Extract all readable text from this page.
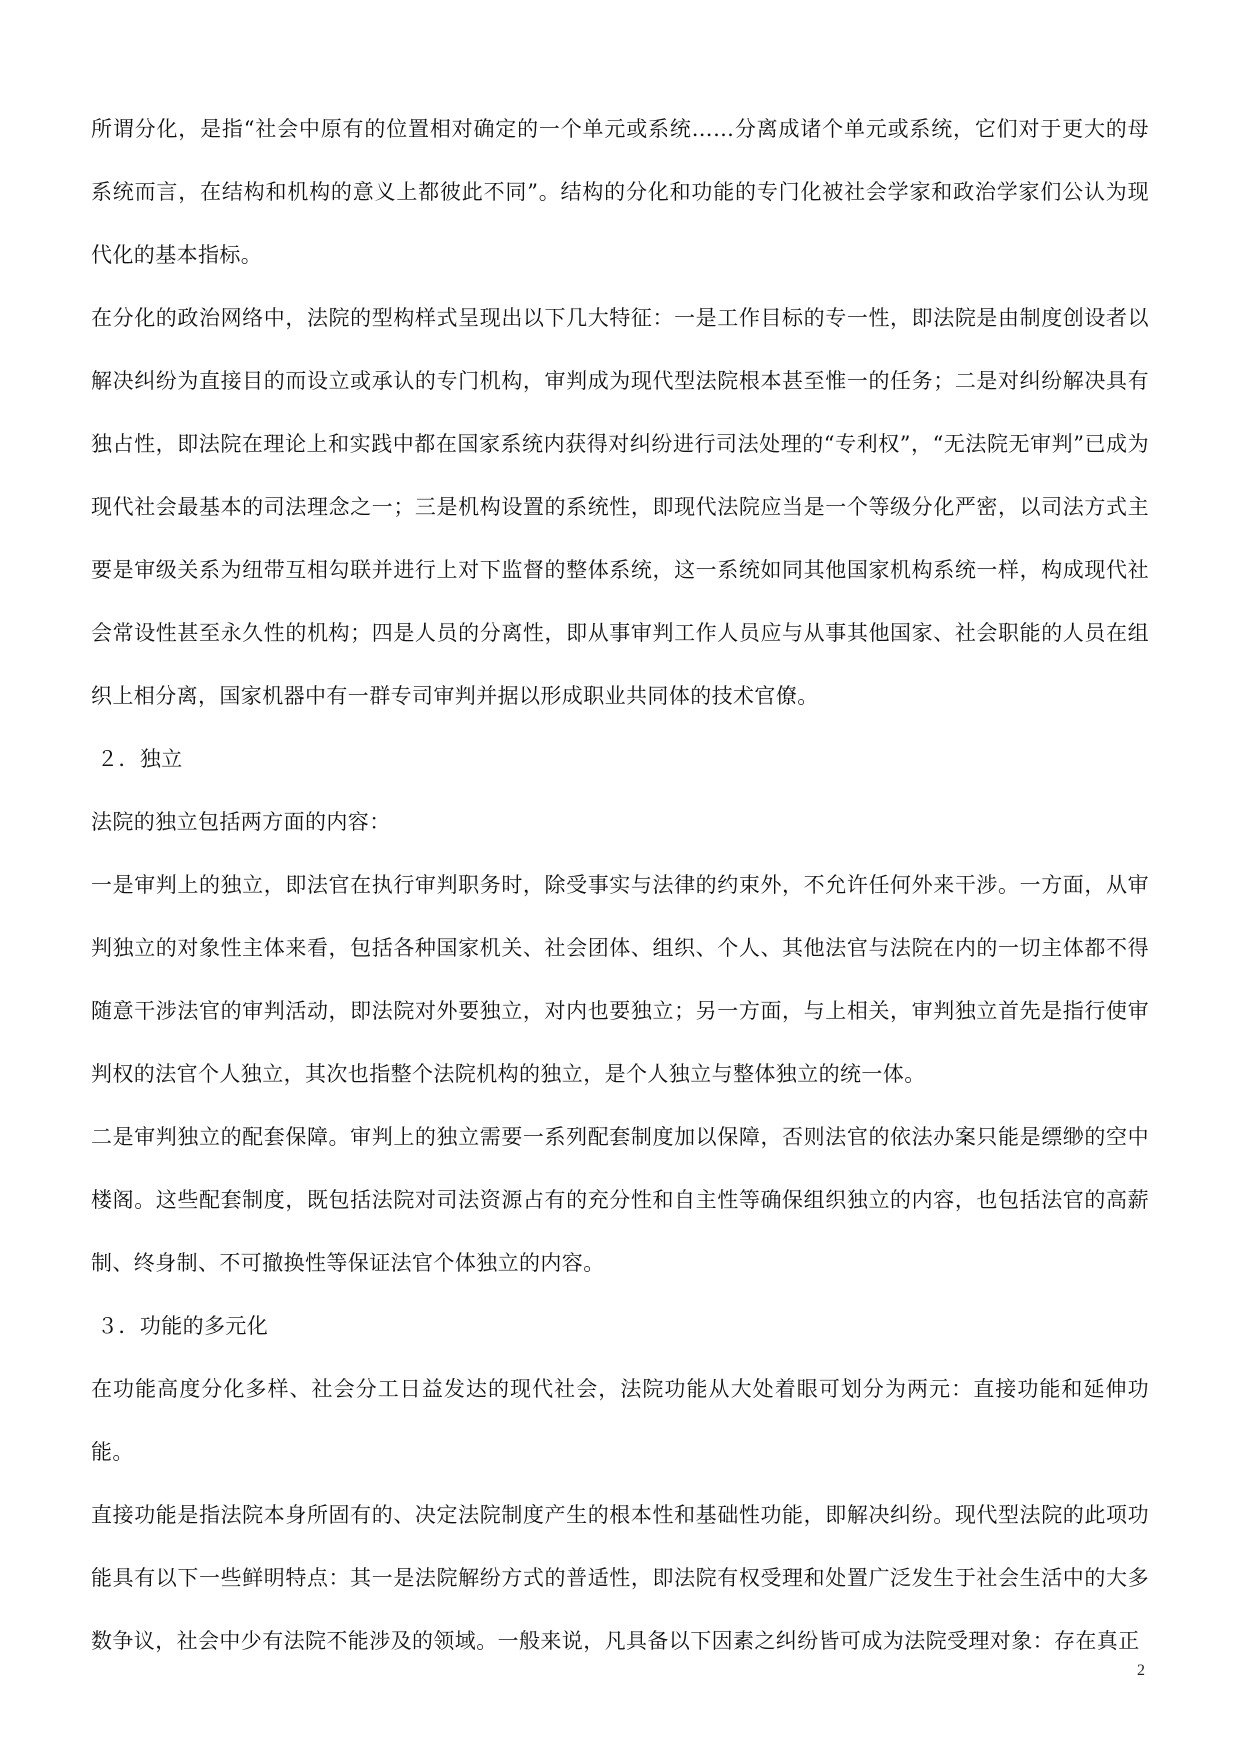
所谓分化，是指“社会中原有的位置相对确定的一个单元或系统……分离成诸个单元或系统，它们对于更大的母系统而言，在结构和机构的意义上都彼此不同”。结构的分化和功能的专门化被社会学家和政治学家们公认为现代化的基本指标。

在分化的政治网络中，法院的型构样式呈现出以下几大特征：一是工作目标的专一性，即法院是由制度创设者以解决纠纷为直接目的而设立或承认的专门机构，审判成为现代型法院根本甚至惟一的任务；二是对纠纷解决具有独占性，即法院在理论上和实践中都在国家系统内获得对纠纷进行司法处理的“专利权”，“无法院无审判”已成为现代社会最基本的司法理念之一；三是机构设置的系统性，即现代法院应当是一个等级分化严密，以司法方式主要是审级关系为纽带互相勾联并进行上对下监督的整体系统，这一系统如同其他国家机构系统一样，构成现代社会常设性甚至永久性的机构；四是人员的分离性，即从事审判工作人员应与从事其他国家、社会职能的人员在组织上相分离，国家机器中有一群专司审判并据以形成职业共同体的技术官僚。

２．独立

法院的独立包括两方面的内容：

一是审判上的独立，即法官在执行审判职务时，除受事实与法律的约束外，不允许任何外来干涉。一方面，从审判独立的对象性主体来看，包括各种国家机关、社会团体、组织、个人、其他法官与法院在内的一切主体都不得随意干涉法官的审判活动，即法院对外要独立，对内也要独立；另一方面，与上相关，审判独立首先是指行使审判权的法官个人独立，其次也指整个法院机构的独立，是个人独立与整体独立的统一体。

二是审判独立的配套保障。审判上的独立需要一系列配套制度加以保障，否则法官的依法办案只能是缥缈的空中楼阁。这些配套制度，既包括法院对司法资源占有的充分性和自主性等确保组织独立的内容，也包括法官的高薪制、终身制、不可撤换性等保证法官个体独立的内容。

３．功能的多元化

在功能高度分化多样、社会分工日益发达的现代社会，法院功能从大处着眼可划分为两元：直接功能和延伸功能。

直接功能是指法院本身所固有的、决定法院制度产生的根本性和基础性功能，即解决纠纷。现代型法院的此项功能具有以下一些鲜明特点：其一是法院解纷方式的普适性，即法院有权受理和处置广泛发生于社会生活中的大多数争议，社会中少有法院不能涉及的领域。一般来说，凡具备以下因素之纠纷皆可成为法院受理对象：存在真正

2
